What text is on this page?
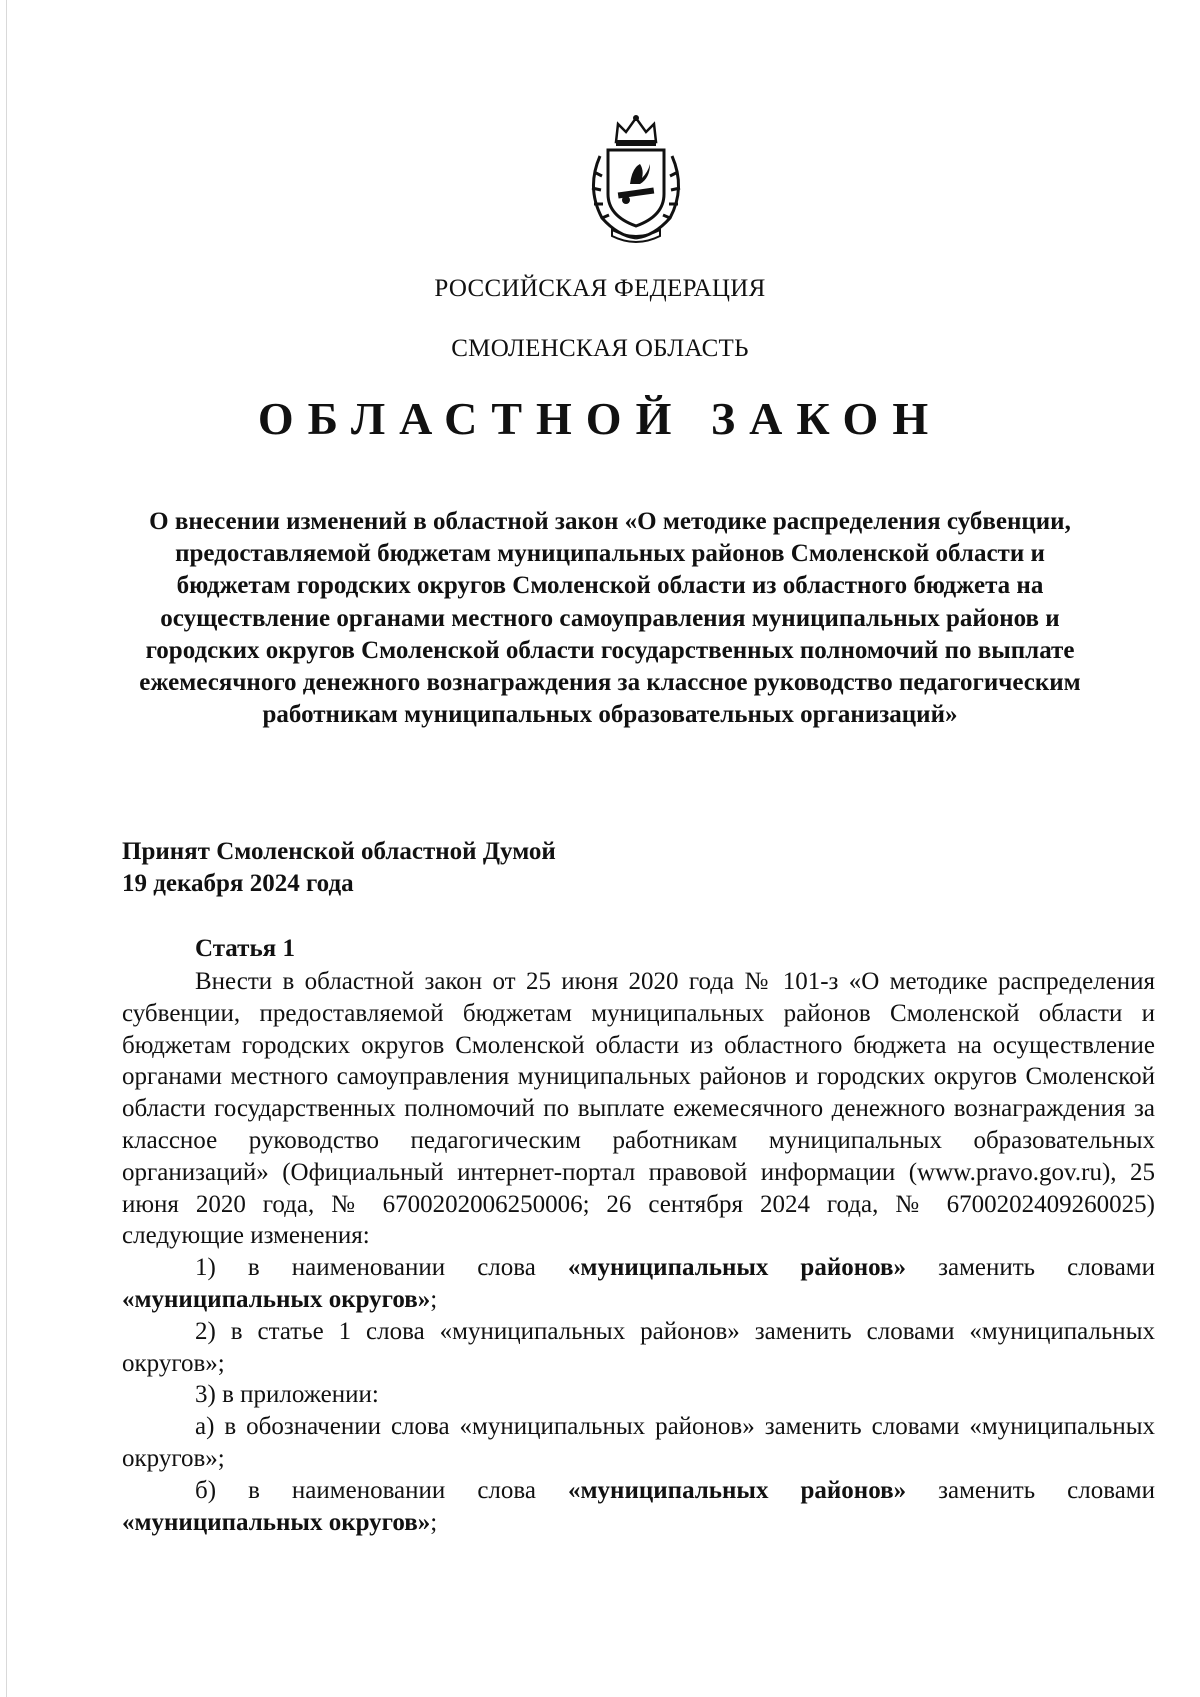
РОССИЙСКАЯ ФЕДЕРАЦИЯ
СМОЛЕНСКАЯ ОБЛАСТЬ
ОБЛАСТНОЙ ЗАКОН
О внесении изменений в областной закон «О методике распределения субвенции, предоставляемой бюджетам муниципальных районов Смоленской области и бюджетам городских округов Смоленской области из областного бюджета на осуществление органами местного самоуправления муниципальных районов и городских округов Смоленской области государственных полномочий по выплате ежемесячного денежного вознаграждения за классное руководство педагогическим работникам муниципальных образовательных организаций»
Принят Смоленской областной Думой
19 декабря 2024 года
Статья 1

Внести в областной закон от 25 июня 2020 года № 101-з «О методике распределения субвенции, предоставляемой бюджетам муниципальных районов Смоленской области и бюджетам городских округов Смоленской области из областного бюджета на осуществление органами местного самоуправления муниципальных районов и городских округов Смоленской области государственных полномочий по выплате ежемесячного денежного вознаграждения за классное руководство педагогическим работникам муниципальных образовательных организаций» (Официальный интернет-портал правовой информации (www.pravo.gov.ru), 25 июня 2020 года, № 6700202006250006; 26 сентября 2024 года, № 6700202409260025) следующие изменения:

1) в наименовании слова «муниципальных районов» заменить словами «муниципальных округов»;

2) в статье 1 слова «муниципальных районов» заменить словами «муниципальных округов»;

3) в приложении:

а) в обозначении слова «муниципальных районов» заменить словами «муниципальных округов»;

б) в наименовании слова «муниципальных районов» заменить словами «муниципальных округов»;
